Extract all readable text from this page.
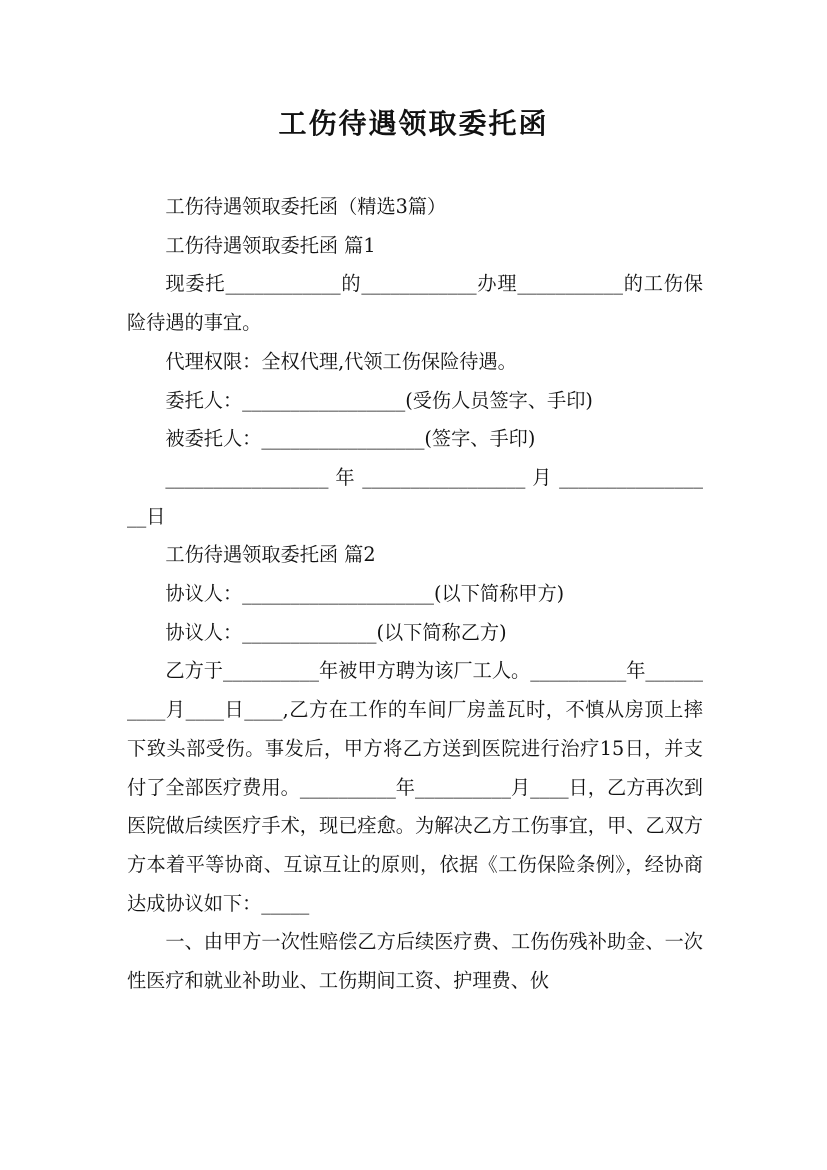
工伤待遇领取委托函

工伤待遇领取委托函（精选3篇）

工伤待遇领取委托函 篇1

现委托____________的____________办理___________的工伤保险待遇的事宜。

代理权限：全权代理,代领工伤保险待遇。

委托人：_________________(受伤人员签字、手印)

被委托人：_________________(签字、手印)

_________________ 年 _________________ 月 _________________日

工伤待遇领取委托函 篇2

协议人：____________________(以下简称甲方)

协议人：______________(以下简称乙方)

乙方于__________年被甲方聘为该厂工人。__________年__________月____日____,乙方在工作的车间厂房盖瓦时，不慎从房顶上摔下致头部受伤。事发后，甲方将乙方送到医院进行治疗15日，并支付了全部医疗费用。__________年__________月____日，乙方再次到医院做后续医疗手术，现已痊愈。为解决乙方工伤事宜，甲、乙双方方本着平等协商、互谅互让的原则，依据《工伤保险条例》，经协商达成协议如下：_____

一、由甲方一次性赔偿乙方后续医疗费、工伤伤残补助金、一次性医疗和就业补助业、工伤期间工资、护理费、伙
